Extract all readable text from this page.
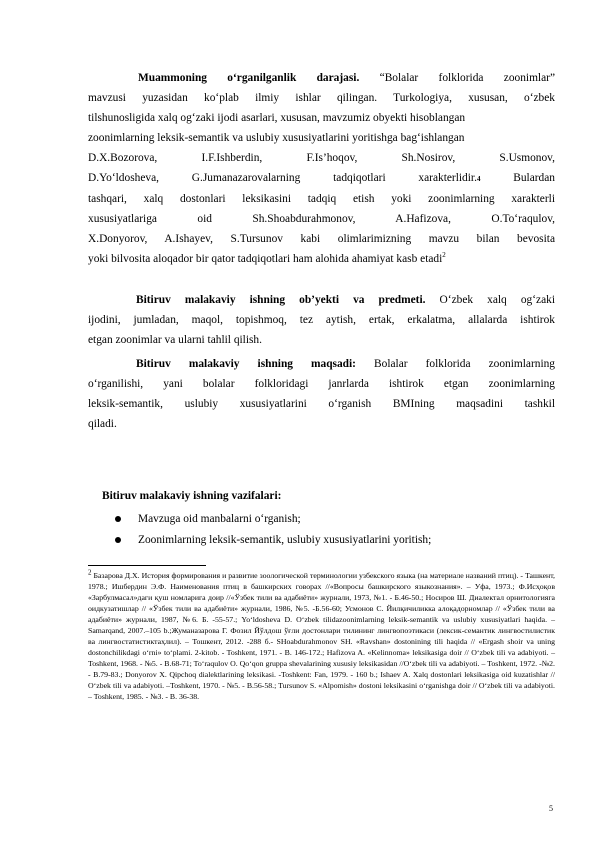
Muammoning o‘rganilganlik darajasi. “Bolalar folklorida zoonimlar”
mavzusi yuzasidan ko‘plab ilmiy ishlar qilingan. Turkologiya, xususan, o‘zbek
tilshunosligida xalq og‘zaki ijodi asarlari, xususan, mavzumiz obyekti hisoblangan
zoonimlarning leksik-semantik va uslubiy xususiyatlarini yoritishga bag‘ishlangan
D.X.Bozorova, I.F.Ishberdin, F.Is’hoqov, Sh.Nosirov, S.Usmonov,
D.Yo‘ldosheva, G.Jumanazarovalarning tadqiqotlari xarakterlidir.4 Bulardan
tashqari, xalq dostonlari leksikasini tadqiq etish yoki zoonimlarning xarakterli
xususiyatlariga oid Sh.Shoabdurahmonov, A.Hafizova, O.To‘raqulov,
X.Donyorov, A.Ishayev, S.Tursunov kabi olimlarimizning mavzu bilan bevosita
yoki bilvosita aloqador bir qator tadqiqotlari ham alohida ahamiyat kasb etadi$^2$
Bitiruv malakaviy ishning ob’yekti va predmeti. O‘zbek xalq og‘zaki
ijodini, jumladan, maqol, topishmoq, tez aytish, ertak, erkalatma, allalarda ishtirok
etgan zoonimlar va ularni tahlil qilish.
Bitiruv malakaviy ishning maqsadi: Bolalar folklorida zoonimlarning
o‘rganilishi, yani bolalar folkloridagi janrlarda ishtirok etgan zoonimlarning
leksik-semantik, uslubiy xususiyatlarini o‘rganish BMIning maqsadini tashkil
qiladi.
Bitiruv malakaviy ishning vazifalari:
Mavzuga oid manbalarni o‘rganish;
Zoonimlarning leksik-semantik, uslubiy xususiyatlarini yoritish;
$^2$ Базарова Д.Х. История формирования и развитие зоологической терминологии узбекского языка (на материале названий птиц). - Ташкент, 1978.; Ишбердин Э.Ф. Наименования птиц в башкирских говорах //«Вопросы башкирского языкознания». – Уфа, 1973.; Ф.Исҳоқов «Зарбулмасал»даги қуш номларига доир //«Ўзбек тили ва адабиёти» журнали, 1973, №1. - Б.46-50.; Носиров Ш. Диалектал орнитологияга оидкузатишлар // «Ўзбек тили ва адабиёти» журнали, 1986, №5. -Б.56-60; Усмонов С. Йилқичиликка алоқадорномлар // «Ўзбек тили ва адабиёти» журнали, 1987, №6. Б. -55-57.; Yo‘ldosheva D. O‘zbek tilidazoonimlarning leksik-semantik va uslubiy xususiyatlari haqida. – Samarqand, 2007.–105 b.;Жуманазарова Г. Фозил Йўлдош ўғли достонлари тилининг лингвопоэтикаси (лексик-семантик лингвостилистик ва лингвостатистиктаҳлил). – Тошкент, 2012. -288 б.- SHoabdurahmonov SH. «Ravshan» dostonining tili haqida // «Ergash shoir va uning dostonchilikdagi o‘rni» to‘plami. 2-kitob. - Toshkent, 1971. - B. 146-172.; Hafizova A. «Kelinnoma» leksikasiga doir // O‘zbek tili va adabiyoti. – Toshkent, 1968. - №5. - B.68-71; To‘raqulov O. Qo‘qon gruppa shevalarining xususiy leksikasidan //O‘zbek tili va adabiyoti. – Toshkent, 1972. -№2. - B.79-83.; Donyorov X. Qipchoq dialektlarining leksikasi. -Toshkent: Fan, 1979. - 160 b.; Ishaev A. Xalq dostonlari leksikasiga oid kuzatishlar // O‘zbek tili va adabiyoti. –Toshkent, 1970. - №5. - B.56-58.; Tursunov S. «Alpomish» dostoni leksikasini o‘rganishga doir // O‘zbek tili va adabiyoti. – Toshkent, 1985. - №3. - B. 36-38.
5
